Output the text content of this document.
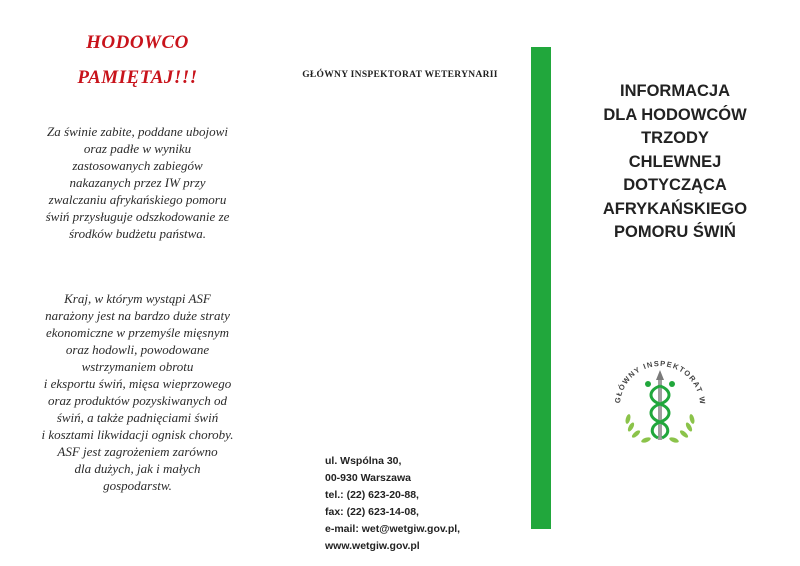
HODOWCO
PAMIĘTAJ!!!
Za świnie zabite, poddane ubojowi
oraz padłe w wyniku
zastosowanych zabiegów
nakazanych przez IW przy
zwalczaniu afrykańskiego pomoru
świń przysługuje odszkodowanie ze
środków budżetu państwa.
Kraj, w którym wystąpi ASF
narażony jest na bardzo duże straty
ekonomiczne w przemyśle mięsnym
oraz hodowli, powodowane
wstrzymaniem obrotu
i eksportu świń, mięsa wieprzowego
oraz produktów pozyskiwanych od
świń, a także padnięciami świń
i kosztami likwidacji ognisk choroby.
ASF jest zagrożeniem zarówno
dla dużych, jak i małych
gospodarstw.
GŁÓWNY INSPEKTORAT WETERYNARII
ul. Wspólna 30,
00-930 Warszawa
tel.: (22) 623-20-88,
fax: (22) 623-14-08,
e-mail: wet@wetgiw.gov.pl,
www.wetgiw.gov.pl
INFORMACJA
DLA HODOWCÓW
TRZODY
CHLEWNEJ
DOTYCZĄCA
AFRYKAŃSKIEGO
POMORU ŚWIŃ
GŁÓWNY INSPEKTORAT W
